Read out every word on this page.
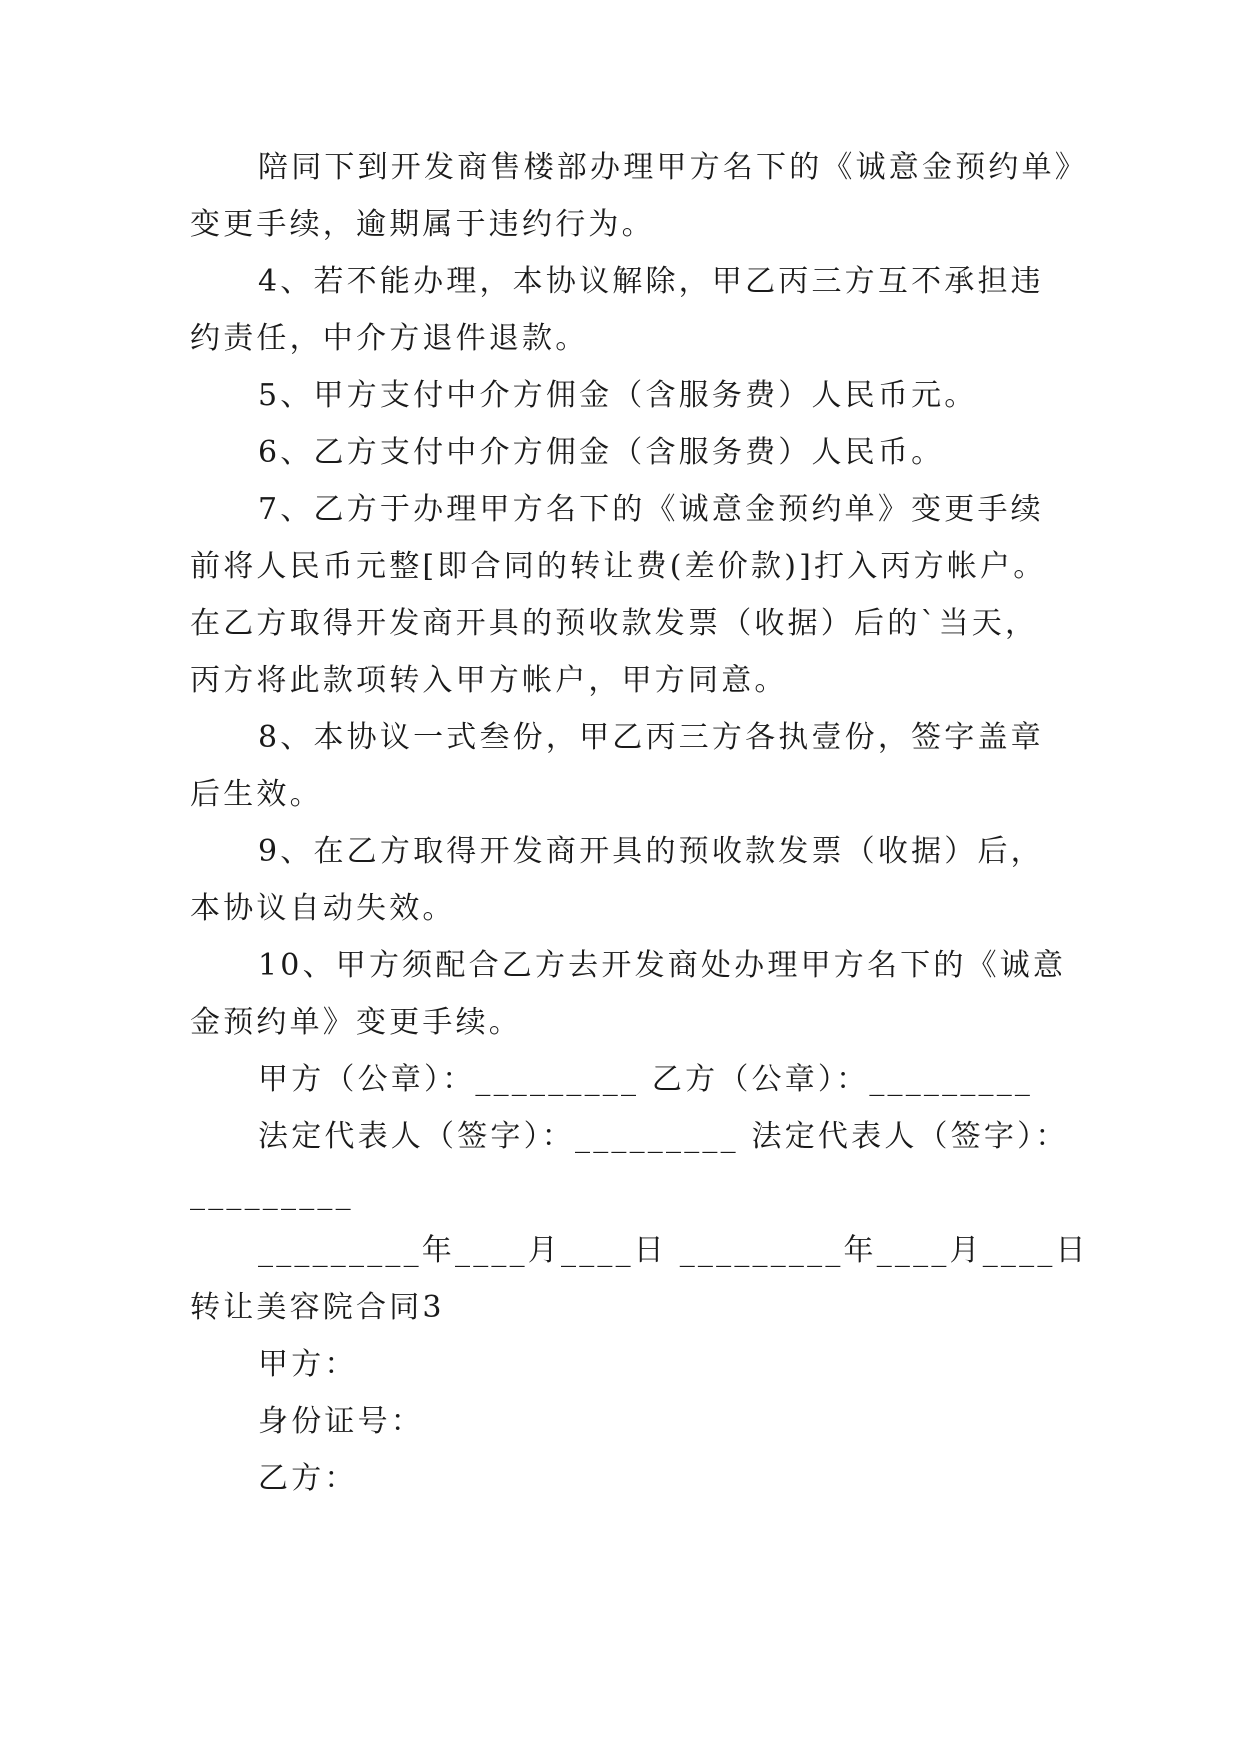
陪同下到开发商售楼部办理甲方名下的《诚意金预约单》
变更手续，逾期属于违约行为。
4、若不能办理，本协议解除，甲乙丙三方互不承担违
约责任，中介方退件退款。
5、甲方支付中介方佣金（含服务费）人民币元。
6、乙方支付中介方佣金（含服务费）人民币。
7、乙方于办理甲方名下的《诚意金预约单》变更手续
前将人民币元整[即合同的转让费(差价款)]打入丙方帐户。
在乙方取得开发商开具的预收款发票（收据）后的`当天，
丙方将此款项转入甲方帐户，甲方同意。
8、本协议一式叁份，甲乙丙三方各执壹份，签字盖章
后生效。
9、在乙方取得开发商开具的预收款发票（收据）后，
本协议自动失效。
10、甲方须配合乙方去开发商处办理甲方名下的《诚意
金预约单》变更手续。
甲方（公章）：_________ 乙方（公章）：_________
法定代表人（签字）：_________ 法定代表人（签字）：
_________
_________年____月____日 _________年____月____日
转让美容院合同3
甲方：
身份证号：
乙方：
